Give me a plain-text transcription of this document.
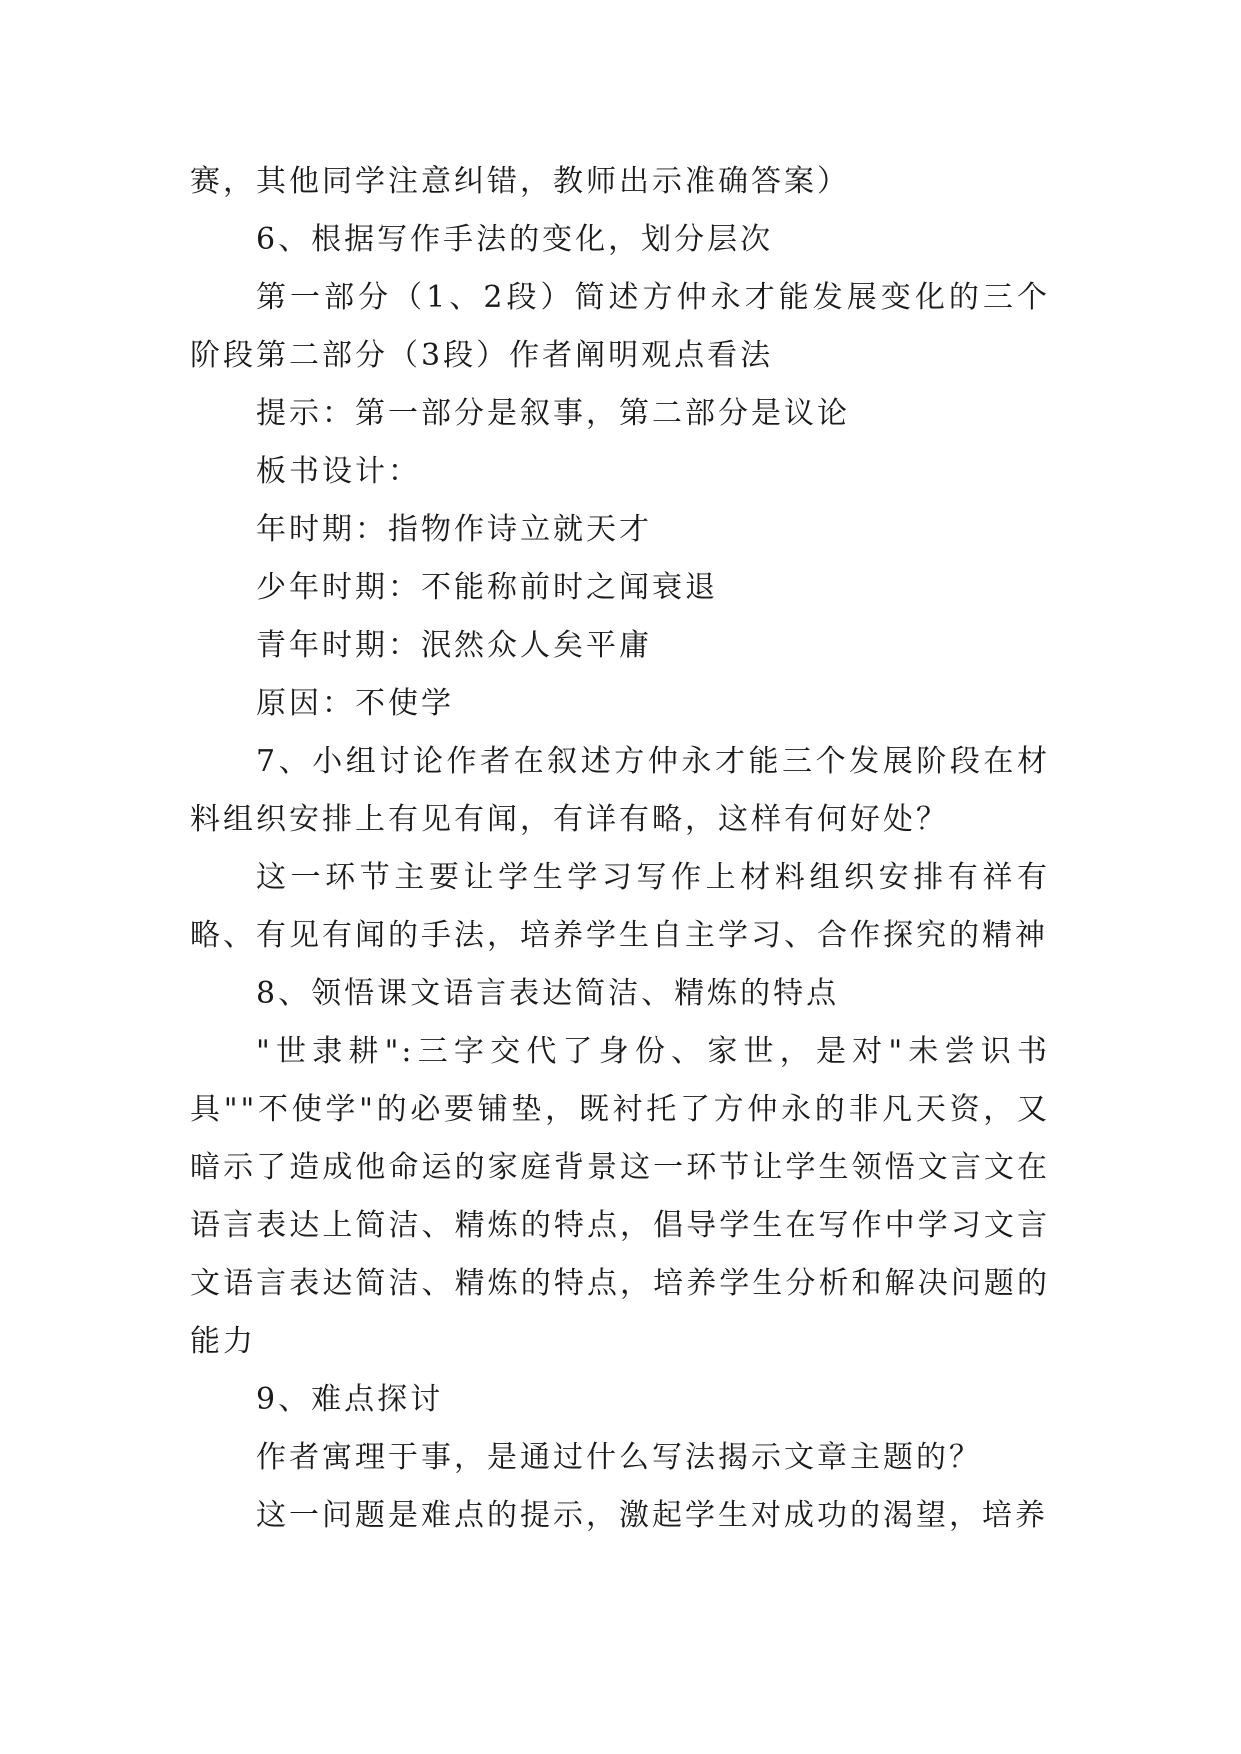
赛，其他同学注意纠错，教师出示准确答案）

6、根据写作手法的变化，划分层次

第一部分（1、2段）简述方仲永才能发展变化的三个阶段第二部分（3段）作者阐明观点看法

提示：第一部分是叙事，第二部分是议论

板书设计：

年时期：指物作诗立就天才

少年时期：不能称前时之闻衰退

青年时期：泯然众人矣平庸

原因：不使学

7、小组讨论作者在叙述方仲永才能三个发展阶段在材料组织安排上有见有闻，有详有略，这样有何好处？

这一环节主要让学生学习写作上材料组织安排有祥有略、有见有闻的手法，培养学生自主学习、合作探究的精神

8、领悟课文语言表达简洁、精炼的特点

"世隶耕":三字交代了身份、家世，是对"未尝识书具""不使学"的必要铺垫，既衬托了方仲永的非凡天资，又暗示了造成他命运的家庭背景这一环节让学生领悟文言文在语言表达上简洁、精炼的特点，倡导学生在写作中学习文言文语言表达简洁、精炼的特点，培养学生分析和解决问题的能力

9、难点探讨

作者寓理于事，是通过什么写法揭示文章主题的？

这一问题是难点的提示，激起学生对成功的渴望，培养
